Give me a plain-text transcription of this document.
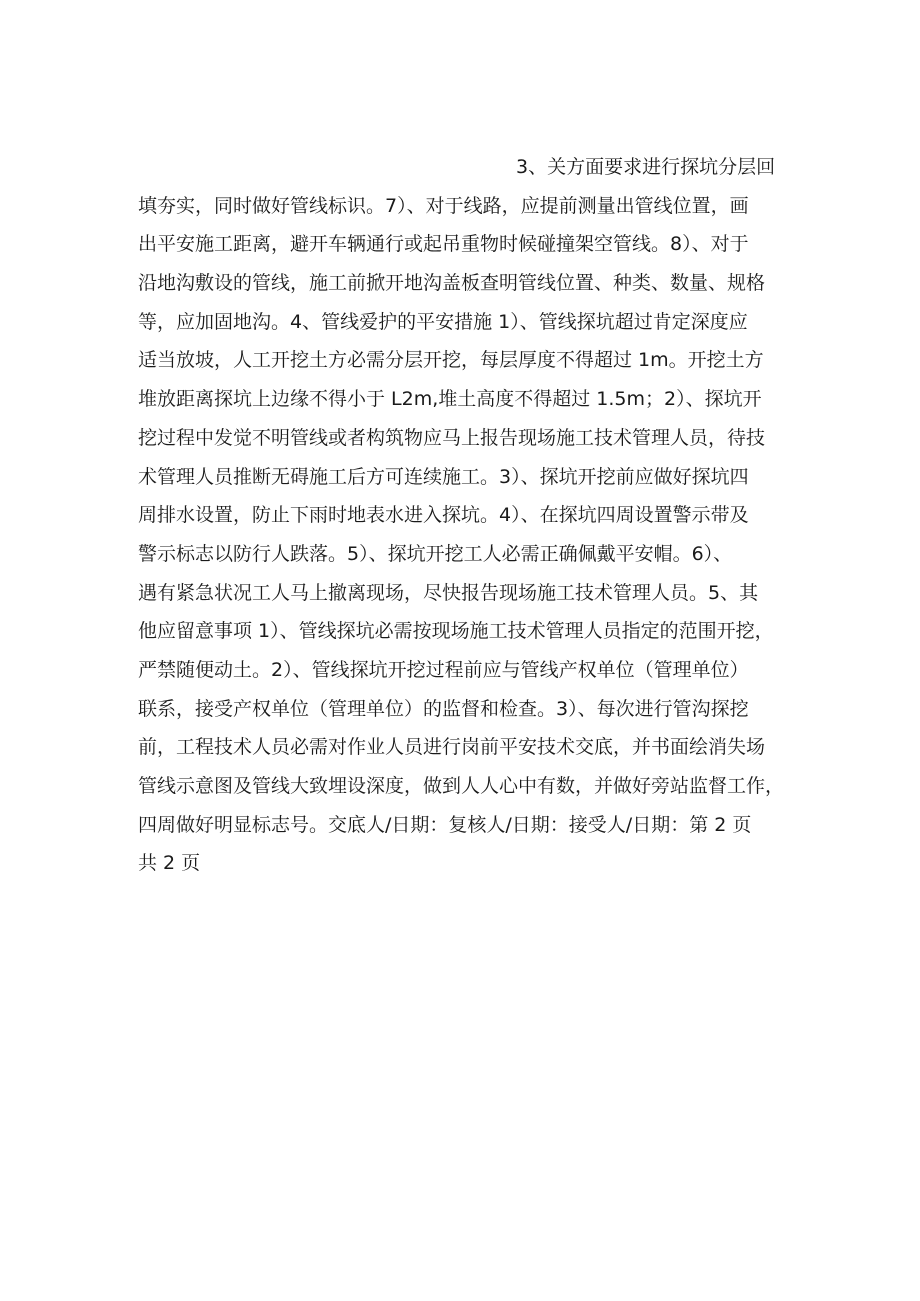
3、关方面要求进行探坑分层回
填夯实，同时做好管线标识。7）、对于线路，应提前测量出管线位置，画
出平安施工距离，避开车辆通行或起吊重物时候碰撞架空管线。8）、对于
沿地沟敷设的管线，施工前掀开地沟盖板查明管线位置、种类、数量、规格
等，应加固地沟。4、管线爱护的平安措施 1）、管线探坑超过肯定深度应
适当放坡，人工开挖土方必需分层开挖，每层厚度不得超过 1m。开挖土方
堆放距离探坑上边缘不得小于 L2m,堆土高度不得超过 1.5m；2）、探坑开
挖过程中发觉不明管线或者构筑物应马上报告现场施工技术管理人员，待技
术管理人员推断无碍施工后方可连续施工。3）、探坑开挖前应做好探坑四
周排水设置，防止下雨时地表水进入探坑。4）、在探坑四周设置警示带及
警示标志以防行人跌落。5）、探坑开挖工人必需正确佩戴平安帽。6）、
遇有紧急状况工人马上撤离现场，尽快报告现场施工技术管理人员。5、其
他应留意事项 1）、管线探坑必需按现场施工技术管理人员指定的范围开挖，
严禁随便动土。2）、管线探坑开挖过程前应与管线产权单位（管理单位）
联系，接受产权单位（管理单位）的监督和检查。3）、每次进行管沟探挖
前，工程技术人员必需对作业人员进行岗前平安技术交底，并书面绘消失场
管线示意图及管线大致埋设深度，做到人人心中有数，并做好旁站监督工作，
四周做好明显标志号。交底人/日期：复核人/日期：接受人/日期：第 2 页
共 2 页
